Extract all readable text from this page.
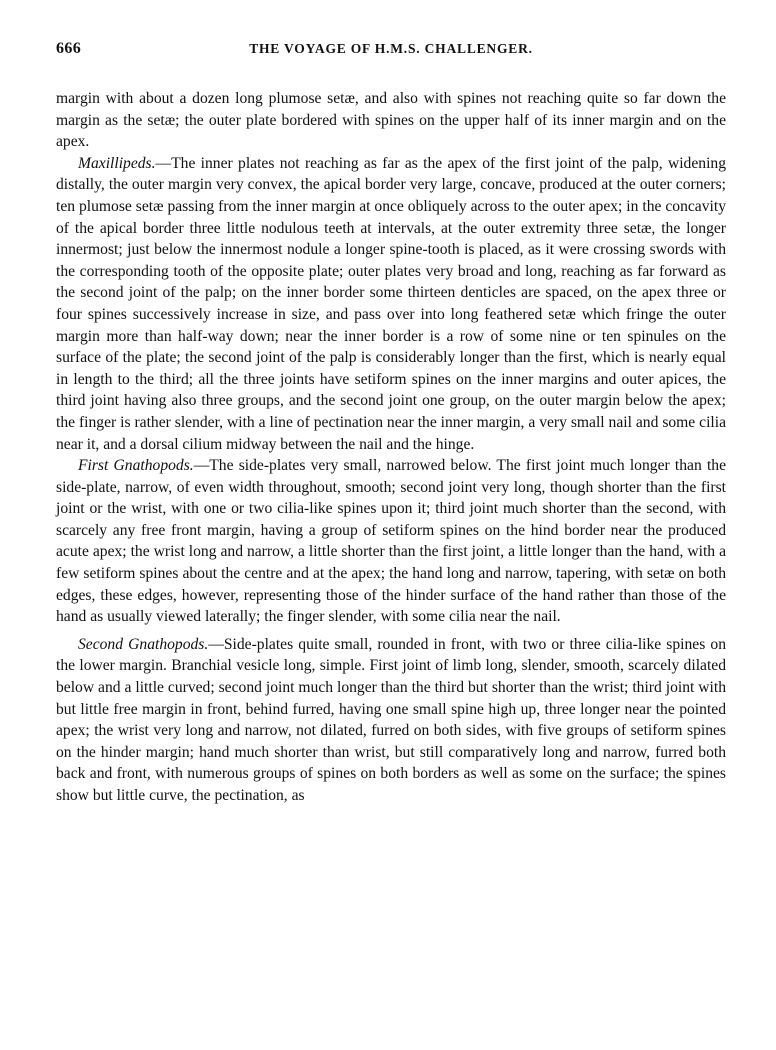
666	THE VOYAGE OF H.M.S. CHALLENGER.

margin with about a dozen long plumose setæ, and also with spines not reaching quite so far down the margin as the setæ; the outer plate bordered with spines on the upper half of its inner margin and on the apex.

Maxillipeds.—The inner plates not reaching as far as the apex of the first joint of the palp, widening distally, the outer margin very convex, the apical border very large, concave, produced at the outer corners; ten plumose setæ passing from the inner margin at once obliquely across to the outer apex; in the concavity of the apical border three little nodulous teeth at intervals, at the outer extremity three setæ, the longer innermost; just below the innermost nodule a longer spine-tooth is placed, as it were crossing swords with the corresponding tooth of the opposite plate; outer plates very broad and long, reaching as far forward as the second joint of the palp; on the inner border some thirteen denticles are spaced, on the apex three or four spines successively increase in size, and pass over into long feathered setæ which fringe the outer margin more than half-way down; near the inner border is a row of some nine or ten spinules on the surface of the plate; the second joint of the palp is considerably longer than the first, which is nearly equal in length to the third; all the three joints have setiform spines on the inner margins and outer apices, the third joint having also three groups, and the second joint one group, on the outer margin below the apex; the finger is rather slender, with a line of pectination near the inner margin, a very small nail and some cilia near it, and a dorsal cilium midway between the nail and the hinge.

First Gnathopods.—The side-plates very small, narrowed below. The first joint much longer than the side-plate, narrow, of even width throughout, smooth; second joint very long, though shorter than the first joint or the wrist, with one or two cilia-like spines upon it; third joint much shorter than the second, with scarcely any free front margin, having a group of setiform spines on the hind border near the produced acute apex; the wrist long and narrow, a little shorter than the first joint, a little longer than the hand, with a few setiform spines about the centre and at the apex; the hand long and narrow, tapering, with setæ on both edges, these edges, however, representing those of the hinder surface of the hand rather than those of the hand as usually viewed laterally; the finger slender, with some cilia near the nail.

Second Gnathopods.—Side-plates quite small, rounded in front, with two or three cilia-like spines on the lower margin. Branchial vesicle long, simple. First joint of limb long, slender, smooth, scarcely dilated below and a little curved; second joint much longer than the third but shorter than the wrist; third joint with but little free margin in front, behind furred, having one small spine high up, three longer near the pointed apex; the wrist very long and narrow, not dilated, furred on both sides, with five groups of setiform spines on the hinder margin; hand much shorter than wrist, but still comparatively long and narrow, furred both back and front, with numerous groups of spines on both borders as well as some on the surface; the spines show but little curve, the pectination, as
